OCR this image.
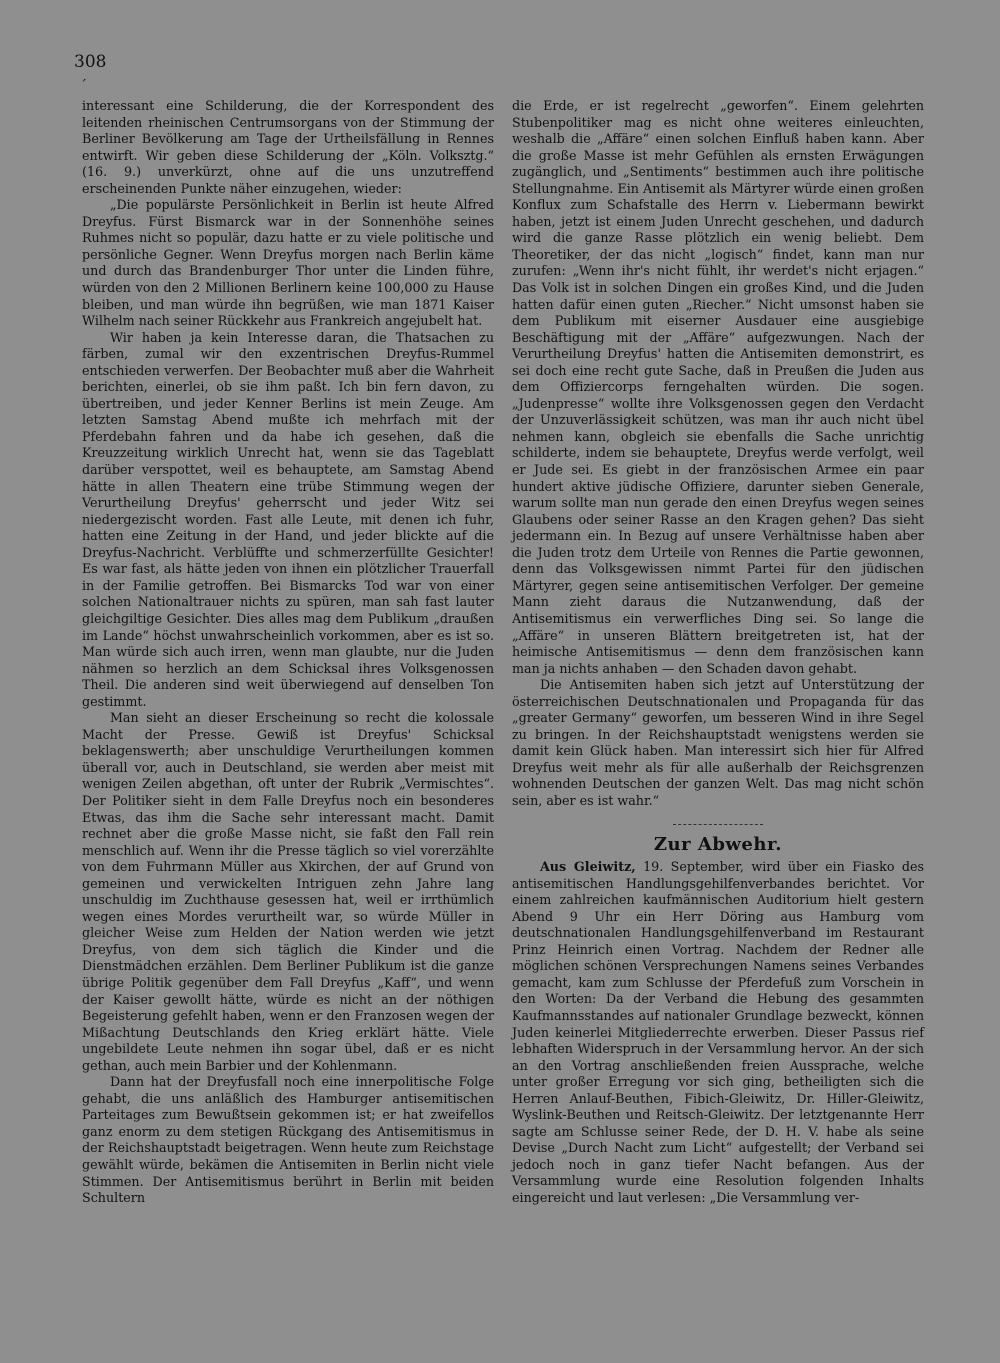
308
´

interessant eine Schilderung, die der Korrespondent des leitenden rheinischen Centrumsorgans von der Stimmung der Berliner Bevölkerung am Tage der Urtheilsfällung in Rennes entwirft. Wir geben diese Schilderung der „Köln. Volksztg.“ (16. 9.) unverkürzt, ohne auf die uns unzutreffend erscheinenden Punkte näher einzugehen, wieder:

„Die populärste Persönlichkeit in Berlin ist heute Alfred Dreyfus. Fürst Bismarck war in der Sonnenhöhe seines Ruhmes nicht so populär, dazu hatte er zu viele politische und persönliche Gegner. Wenn Dreyfus morgen nach Berlin käme und durch das Brandenburger Thor unter die Linden führe, würden von den 2 Millionen Berlinern keine 100,000 zu Hause bleiben, und man würde ihn begrüßen, wie man 1871 Kaiser Wilhelm nach seiner Rückkehr aus Frankreich angejubelt hat.

Wir haben ja kein Interesse daran, die Thatsachen zu färben, zumal wir den exzentrischen Dreyfus-Rummel entschieden verwerfen. Der Beobachter muß aber die Wahrheit berichten, einerlei, ob sie ihm paßt. Ich bin fern davon, zu übertreiben, und jeder Kenner Berlins ist mein Zeuge. Am letzten Samstag Abend mußte ich mehrfach mit der Pferdebahn fahren und da habe ich gesehen, daß die Kreuzzeitung wirklich Unrecht hat, wenn sie das Tageblatt darüber verspottet, weil es behauptete, am Samstag Abend hätte in allen Theatern eine trübe Stimmung wegen der Verurtheilung Dreyfus' geherrscht und jeder Witz sei niedergezischt worden. Fast alle Leute, mit denen ich fuhr, hatten eine Zeitung in der Hand, und jeder blickte auf die Dreyfus-Nachricht. Verblüffte und schmerzerfüllte Gesichter! Es war fast, als hätte jeden von ihnen ein plötzlicher Trauerfall in der Familie getroffen. Bei Bismarcks Tod war von einer solchen Nationaltrauer nichts zu spüren, man sah fast lauter gleichgiltige Gesichter. Dies alles mag dem Publikum „draußen im Lande“ höchst unwahrscheinlich vorkommen, aber es ist so. Man würde sich auch irren, wenn man glaubte, nur die Juden nähmen so herzlich an dem Schicksal ihres Volksgenossen Theil. Die anderen sind weit überwiegend auf denselben Ton gestimmt.

Man sieht an dieser Erscheinung so recht die kolossale Macht der Presse. Gewiß ist Dreyfus' Schicksal beklagenswerth; aber unschuldige Verurtheilungen kommen überall vor, auch in Deutschland, sie werden aber meist mit wenigen Zeilen abgethan, oft unter der Rubrik „Vermischtes“. Der Politiker sieht in dem Falle Dreyfus noch ein besonderes Etwas, das ihm die Sache sehr interessant macht. Damit rechnet aber die große Masse nicht, sie faßt den Fall rein menschlich auf. Wenn ihr die Presse täglich so viel vorerzählte von dem Fuhrmann Müller aus Xkirchen, der auf Grund von gemeinen und verwickelten Intriguen zehn Jahre lang unschuldig im Zuchthause gesessen hat, weil er irrthümlich wegen eines Mordes verurtheilt war, so würde Müller in gleicher Weise zum Helden der Nation werden wie jetzt Dreyfus, von dem sich täglich die Kinder und die Dienstmädchen erzählen. Dem Berliner Publikum ist die ganze übrige Politik gegenüber dem Fall Dreyfus „Kaff“, und wenn der Kaiser gewollt hätte, würde es nicht an der nöthigen Begeisterung gefehlt haben, wenn er den Franzosen wegen der Mißachtung Deutschlands den Krieg erklärt hätte. Viele ungebildete Leute nehmen ihn sogar übel, daß er es nicht gethan, auch mein Barbier und der Kohlenmann.

Dann hat der Dreyfusfall noch eine innerpolitische Folge gehabt, die uns anläßlich des Hamburger antisemitischen Parteitages zum Bewußtsein gekommen ist; er hat zweifellos ganz enorm zu dem stetigen Rückgang des Antisemitismus in der Reichshauptstadt beigetragen. Wenn heute zum Reichstage gewählt würde, bekämen die Antisemiten in Berlin nicht viele Stimmen. Der Antisemitismus berührt in Berlin mit beiden Schultern

die Erde, er ist regelrecht „geworfen“. Einem gelehrten Stubenpolitiker mag es nicht ohne weiteres einleuchten, weshalb die „Affäre“ einen solchen Einfluß haben kann. Aber die große Masse ist mehr Gefühlen als ernsten Erwägungen zugänglich, und „Sentiments“ bestimmen auch ihre politische Stellungnahme. Ein Antisemit als Märtyrer würde einen großen Konflux zum Schafstalle des Herrn v. Liebermann bewirkt haben, jetzt ist einem Juden Unrecht geschehen, und dadurch wird die ganze Rasse plötzlich ein wenig beliebt. Dem Theoretiker, der das nicht „logisch“ findet, kann man nur zurufen: „Wenn ihr's nicht fühlt, ihr werdet's nicht erjagen.“ Das Volk ist in solchen Dingen ein großes Kind, und die Juden hatten dafür einen guten „Riecher.“ Nicht umsonst haben sie dem Publikum mit eiserner Ausdauer eine ausgiebige Beschäftigung mit der „Affäre“ aufgezwungen. Nach der Verurtheilung Dreyfus' hatten die Antisemiten demonstrirt, es sei doch eine recht gute Sache, daß in Preußen die Juden aus dem Offiziercorps ferngehalten würden. Die sogen. „Judenpresse“ wollte ihre Volksgenossen gegen den Verdacht der Unzuverlässigkeit schützen, was man ihr auch nicht übel nehmen kann, obgleich sie ebenfalls die Sache unrichtig schilderte, indem sie behauptete, Dreyfus werde verfolgt, weil er Jude sei. Es giebt in der französischen Armee ein paar hundert aktive jüdische Offiziere, darunter sieben Generale, warum sollte man nun gerade den einen Dreyfus wegen seines Glaubens oder seiner Rasse an den Kragen gehen? Das sieht jedermann ein. In Bezug auf unsere Verhältnisse haben aber die Juden trotz dem Urteile von Rennes die Partie gewonnen, denn das Volksgewissen nimmt Partei für den jüdischen Märtyrer, gegen seine antisemitischen Verfolger. Der gemeine Mann zieht daraus die Nutzanwendung, daß der Antisemitismus ein verwerfliches Ding sei. So lange die „Affäre“ in unseren Blättern breitgetreten ist, hat der heimische Antisemitismus — denn dem französischen kann man ja nichts anhaben — den Schaden davon gehabt.

Die Antisemiten haben sich jetzt auf Unterstützung der österreichischen Deutschnationalen und Propaganda für das „greater Germany“ geworfen, um besseren Wind in ihre Segel zu bringen. In der Reichshauptstadt wenigstens werden sie damit kein Glück haben. Man interessirt sich hier für Alfred Dreyfus weit mehr als für alle außerhalb der Reichsgrenzen wohnenden Deutschen der ganzen Welt. Das mag nicht schön sein, aber es ist wahr.“

Zur Abwehr.

Aus Gleiwitz, 19. September, wird über ein Fiasko des antisemitischen Handlungsgehilfenverbandes berichtet. Vor einem zahlreichen kaufmännischen Auditorium hielt gestern Abend 9 Uhr ein Herr Döring aus Hamburg vom deutschnationalen Handlungsgehilfenverband im Restaurant Prinz Heinrich einen Vortrag. Nachdem der Redner alle möglichen schönen Versprechungen Namens seines Verbandes gemacht, kam zum Schlusse der Pferdefuß zum Vorschein in den Worten: Da der Verband die Hebung des gesammten Kaufmannsstandes auf nationaler Grundlage bezweckt, können Juden keinerlei Mitgliederrechte erwerben. Dieser Passus rief lebhaften Widerspruch in der Versammlung hervor. An der sich an den Vortrag anschließenden freien Aussprache, welche unter großer Erregung vor sich ging, betheiligten sich die Herren Anlauf-Beuthen, Fibich-Gleiwitz, Dr. Hiller-Gleiwitz, Wyslink-Beuthen und Reitsch-Gleiwitz. Der letztgenannte Herr sagte am Schlusse seiner Rede, der D. H. V. habe als seine Devise „Durch Nacht zum Licht“ aufgestellt; der Verband sei jedoch noch in ganz tiefer Nacht befangen. Aus der Versammlung wurde eine Resolution folgenden Inhalts eingereicht und laut verlesen: „Die Versammlung ver-
